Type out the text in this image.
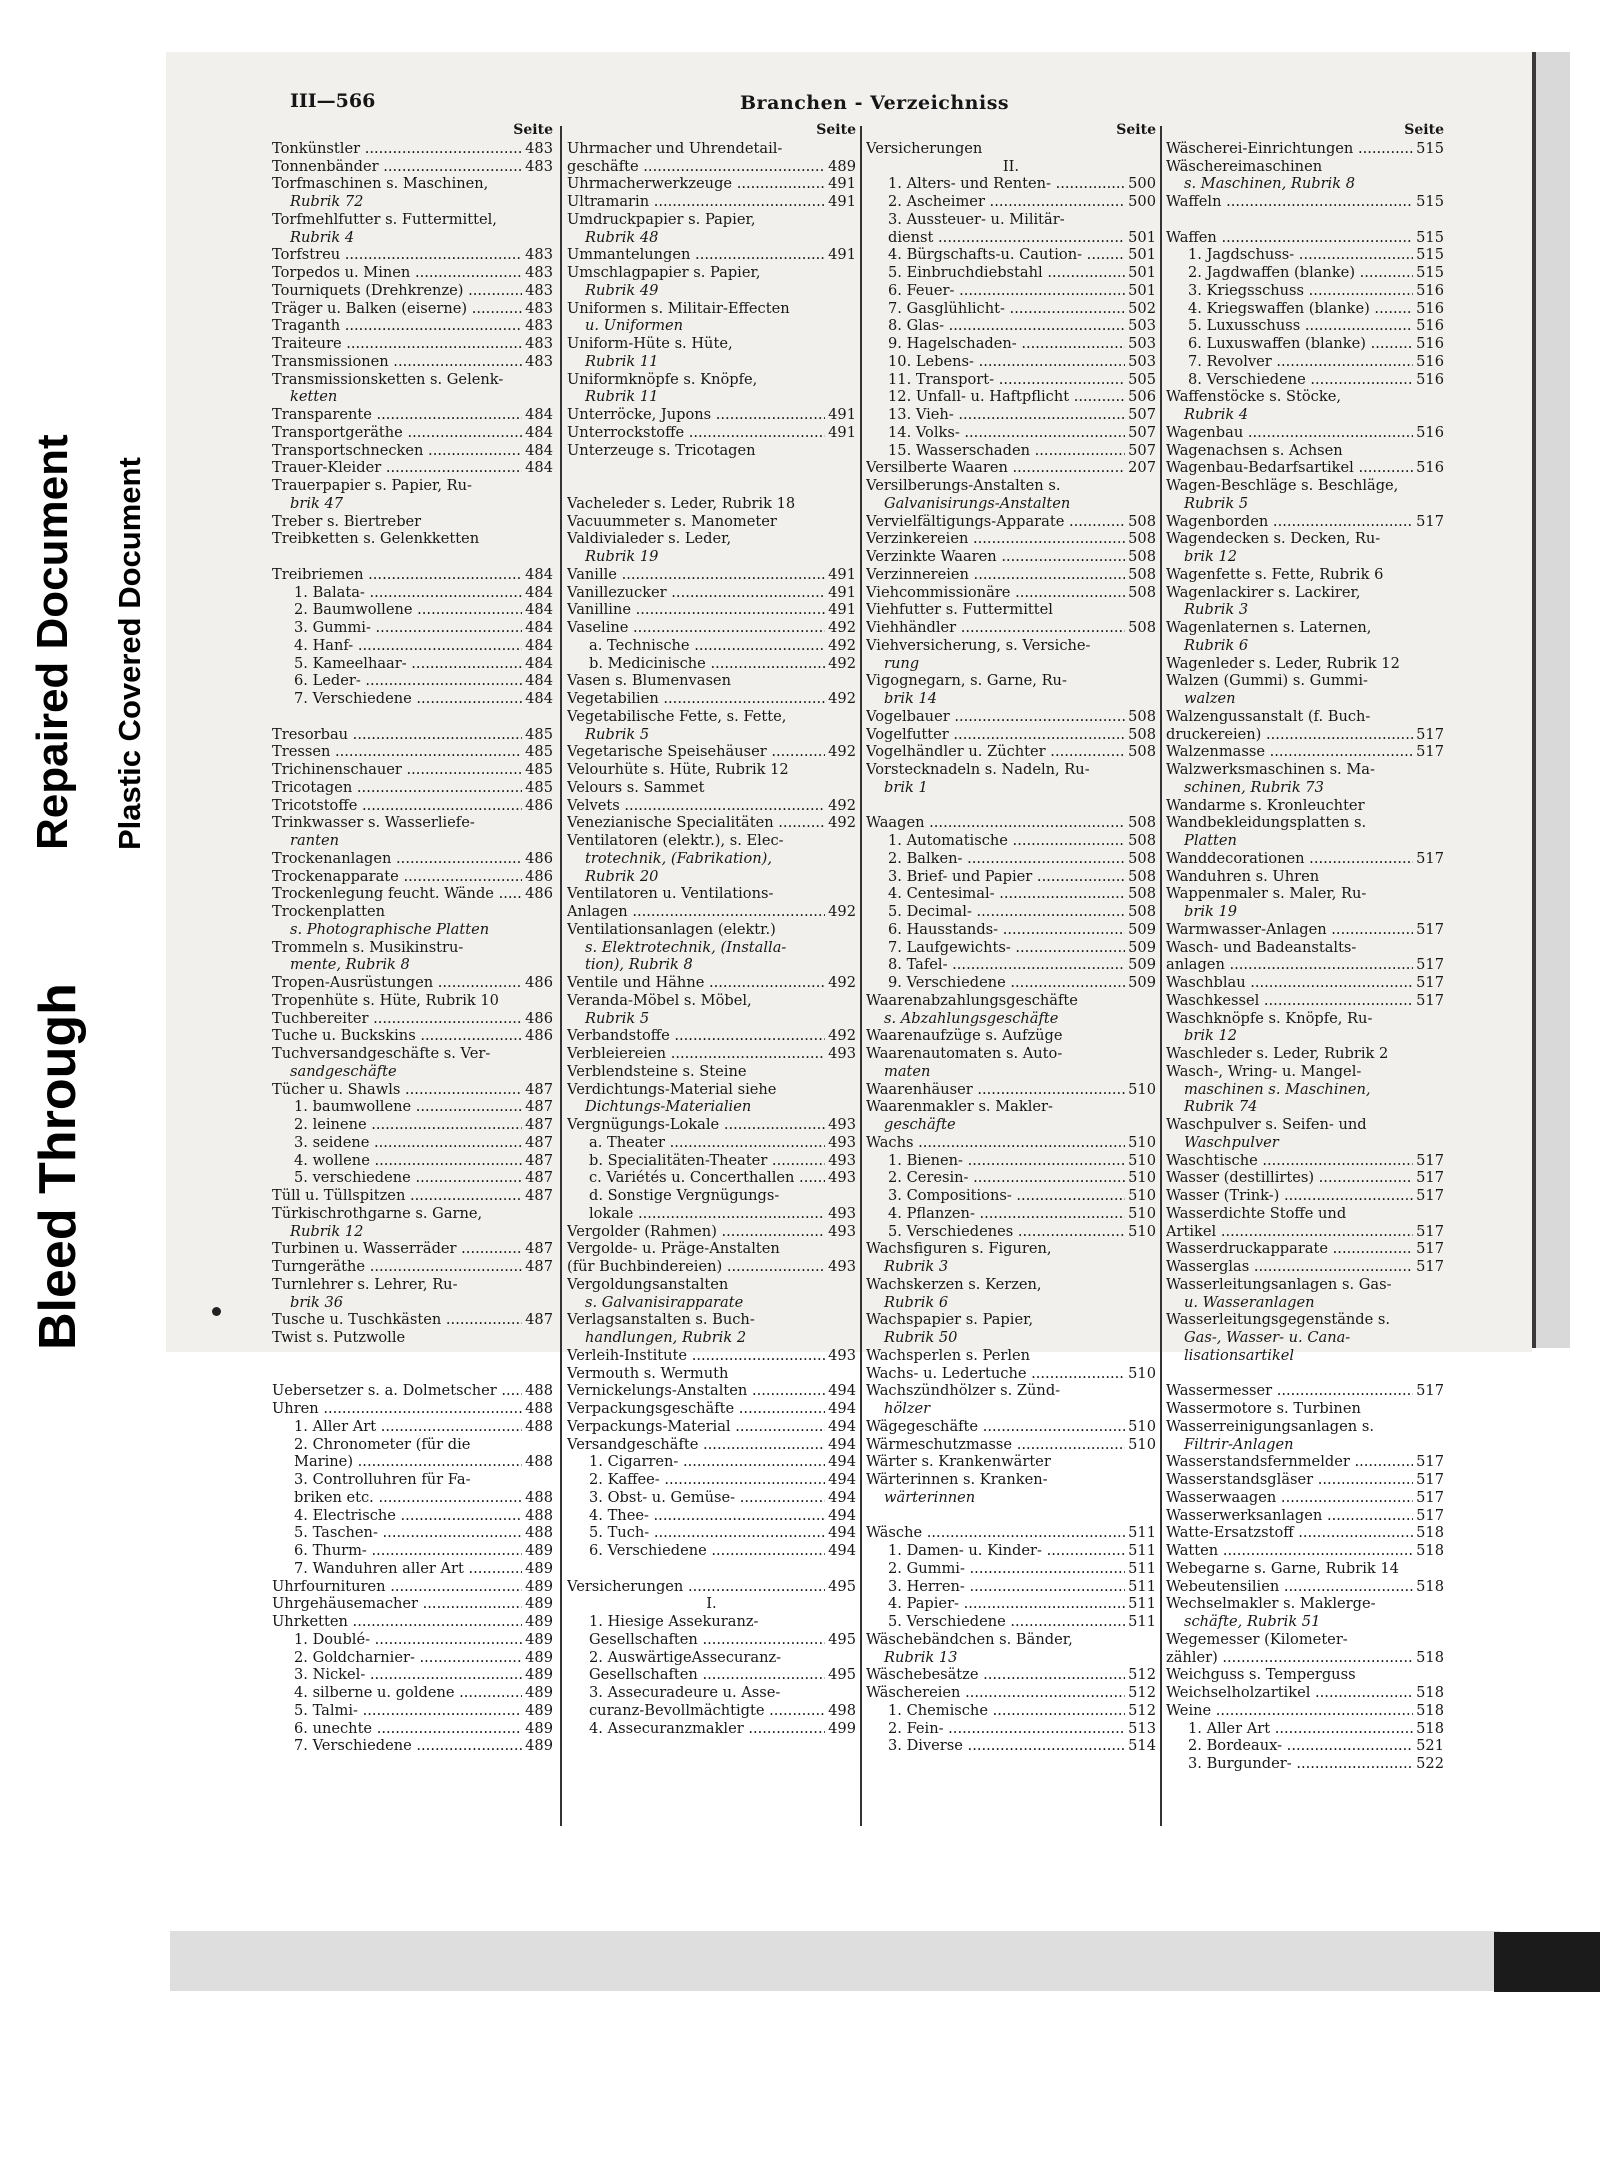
Bleed Through
Repaired Document Plastic Covered Document
III—566	Branchen - Verzeichniss
Seite
Tonkünstler .....	483
Tonnenbänder .....	483
Torfmaschinen s. Maschinen,
Rubrik 72
Torfmehlfutter s. Futtermittel,
Rubrik 4
Torfstreu .....	483
Torpedos u. Minen .....	483
Tourniquets (Drehkrenze) .....	483
Träger u. Balken (eiserne) .....	483
Traganth .....	483
Traiteure .....	483
Transmissionen .....	483
Transmissionsketten s. Gelenk-
ketten
Transparente .....	484
Transportgeräthe .....	484
Transportschnecken .....	484
Trauer-Kleider .....	484
Trauerpapier s. Papier, Ru-
brik 47
Treber s. Biertreber
Treibketten s. Gelenkketten
Treibriemen .....	484
1. Balata- .....	484
2. Baumwollene .....	484
3. Gummi- .....	484
4. Hanf- .....	484
5. Kameelhaar- .....	484
6. Leder- .....	484
7. Verschiedene .....	484
Tresorbau .....	485
Tressen .....	485
Trichinenschauer .....	485
Tricotagen .....	485
Tricotstoffe .....	486
Trinkwasser s. Wasserliefe-
ranten
Trockenanlagen .....	486
Trockenapparate .....	486
Trockenlegung feucht. Wände .....	486
Trockenplatten
s. Photographische Platten
Trommeln s. Musikinstru-
mente, Rubrik 8
Tropen-Ausrüstungen .....	486
Tropenhüte s. Hüte, Rubrik 10
Tuchbereiter .....	486
Tuche u. Buckskins .....	486
Tuchversandgeschäfte s. Ver-
sandgeschäfte
Tücher u. Shawls .....	487
1. baumwollene .....	487
2. leinene .....	487
3. seidene .....	487
4. wollene .....	487
5. verschiedene .....	487
Tüll u. Tüllspitzen .....	487
Türkischrothgarne s. Garne,
Rubrik 12
Turbinen u. Wasserräder .....	487
Turngeräthe .....	487
Turnlehrer s. Lehrer, Ru-
brik 36
Tusche u. Tuschkästen .....	487
Twist s. Putzwolle
Uebersetzer s. a. Dolmetscher .....	488
Uhren .....	488
1. Aller Art .....	488
2. Chronometer (für die
Marine) .....	488
3. Controlluhren für Fa-
briken etc. .....	488
4. Electrische .....	488
5. Taschen- .....	488
6. Thurm- .....	489
7. Wanduhren aller Art .....	489
Uhrfournituren .....	489
Uhrgehäusemacher .....	489
Uhrketten .....	489
1. Doublé- .....	489
2. Goldcharnier- .....	489
3. Nickel- .....	489
4. silberne u. goldene .....	489
5. Talmi- .....	489
6. unechte .....	489
7. Verschiedene .....	489
Seite
Uhrmacher und Uhrendetail-
geschäfte .....	489
Uhrmacherwerkzeuge .....	491
Ultramarin .....	491
Umdruckpapier s. Papier,
Rubrik 48
Ummantelungen .....	491
Umschlagpapier s. Papier,
Rubrik 49
Uniformen s. Militair-Effecten
u. Uniformen
Uniform-Hüte s. Hüte,
Rubrik 11
Uniformknöpfe s. Knöpfe,
Rubrik 11
Unterröcke, Jupons .....	491
Unterrockstoffe .....	491
Unterzeuge s. Tricotagen
Vacheleder s. Leder, Rubrik 18
Vacuummeter s. Manometer
Valdivialeder s. Leder,
Rubrik 19
Vanille .....	491
Vanillezucker .....	491
Vanilline .....	491
Vaseline .....	492
a. Technische .....	492
b. Medicinische .....	492
Vasen s. Blumenvasen
Vegetabilien .....	492
Vegetabilische Fette, s. Fette,
Rubrik 5
Vegetarische Speisehäuser .....	492
Velourhüte s. Hüte, Rubrik 12
Velours s. Sammet
Velvets .....	492
Venezianische Specialitäten .....	492
Ventilatoren (elektr.), s. Elec-
trotechnik, (Fabrikation),
Rubrik 20
Ventilatoren u. Ventilations-
Anlagen .....	492
Ventilationsanlagen (elektr.)
s. Elektrotechnik, (Installa-
tion), Rubrik 8
Ventile und Hähne .....	492
Veranda-Möbel s. Möbel,
Rubrik 5
Verbandstoffe .....	492
Verbleiereien .....	493
Verblendsteine s. Steine
Verdichtungs-Material siehe
Dichtungs-Materialien
Vergnügungs-Lokale .....	493
a. Theater .....	493
b. Specialitäten-Theater .....	493
c. Variétés u. Concerthallen .....	493
d. Sonstige Vergnügungs-
lokale .....	493
Vergolder (Rahmen) .....	493
Vergolde- u. Präge-Anstalten
(für Buchbindereien) .....	493
Vergoldungsanstalten
s. Galvanisirapparate
Verlagsanstalten s. Buch-
handlungen, Rubrik 2
Verleih-Institute .....	493
Vermouth s. Wermuth
Vernickelungs-Anstalten .....	494
Verpackungsgeschäfte .....	494
Verpackungs-Material .....	494
Versandgeschäfte .....	494
1. Cigarren- .....	494
2. Kaffee- .....	494
3. Obst- u. Gemüse- .....	494
4. Thee- .....	494
5. Tuch- .....	494
6. Verschiedene .....	494
Versicherungen .....	495
I.
1. Hiesige Assekuranz-
Gesellschaften .....	495
2. AuswärtigeAssecuranz-
Gesellschaften .....	495
3. Assecuradeure u. Asse-
curanz-Bevollmächtigte .....	498
4. Assecuranzmakler .....	499
Seite
Versicherungen
II.
1. Alters- und Renten- .....	500
2. Ascheimer .....	500
3. Aussteuer- u. Militär-
dienst .....	501
4. Bürgschafts-u. Caution- .....	501
5. Einbruchdiebstahl .....	501
6. Feuer- .....	501
7. Gasglühlicht- .....	502
8. Glas- .....	503
9. Hagelschaden- .....	503
10. Lebens- .....	503
11. Transport- .....	505
12. Unfall- u. Haftpflicht .....	506
13. Vieh- .....	507
14. Volks- .....	507
15. Wasserschaden .....	507
Versilberte Waaren .....	207
Versilberungs-Anstalten s.
Galvanisirungs-Anstalten
Vervielfältigungs-Apparate .....	508
Verzinkereien .....	508
Verzinkte Waaren .....	508
Verzinnereien .....	508
Viehcommissionäre .....	508
Viehfutter s. Futtermittel
Viehhändler .....	508
Viehversicherung, s. Versiche-
rung
Vigognegarn, s. Garne, Ru-
brik 14
Vogelbauer .....	508
Vogelfutter .....	508
Vogelhändler u. Züchter .....	508
Vorstecknadeln s. Nadeln, Ru-
brik 1
Waagen .....	508
1. Automatische .....	508
2. Balken- .....	508
3. Brief- und Papier .....	508
4. Centesimal- .....	508
5. Decimal- .....	508
6. Hausstands- .....	509
7. Laufgewichts- .....	509
8. Tafel- .....	509
9. Verschiedene .....	509
Waarenabzahlungsgeschäfte
s. Abzahlungsgeschäfte
Waarenaufzüge s. Aufzüge
Waarenautomaten s. Auto-
maten
Waarenhäuser .....	510
Waarenmakler s. Makler-
geschäfte
Wachs .....	510
1. Bienen- .....	510
2. Ceresin- .....	510
3. Compositions- .....	510
4. Pflanzen- .....	510
5. Verschiedenes .....	510
Wachsfiguren s. Figuren,
Rubrik 3
Wachskerzen s. Kerzen,
Rubrik 6
Wachspapier s. Papier,
Rubrik 50
Wachsperlen s. Perlen
Wachs- u. Ledertuche .....	510
Wachszündhölzer s. Zünd-
hölzer
Wägegeschäfte .....	510
Wärmeschutzmasse .....	510
Wärter s. Krankenwärter
Wärterinnen s. Kranken-
wärterinnen
Wäsche .....	511
1. Damen- u. Kinder- .....	511
2. Gummi- .....	511
3. Herren- .....	511
4. Papier- .....	511
5. Verschiedene .....	511
Wäschebändchen s. Bänder,
Rubrik 13
Wäschebesätze .....	512
Wäschereien .....	512
1. Chemische .....	512
2. Fein- .....	513
3. Diverse .....	514
Seite
Wäscherei-Einrichtungen .....	515
Wäschereimaschinen
s. Maschinen, Rubrik 8
Waffeln .....	515
Waffen .....	515
1. Jagdschuss- .....	515
2. Jagdwaffen (blanke) .....	515
3. Kriegsschuss .....	516
4. Kriegswaffen (blanke) .....	516
5. Luxusschuss .....	516
6. Luxuswaffen (blanke) .....	516
7. Revolver .....	516
8. Verschiedene .....	516
Waffenstöcke s. Stöcke,
Rubrik 4
Wagenbau .....	516
Wagenachsen s. Achsen
Wagenbau-Bedarfsartikel .....	516
Wagen-Beschläge s. Beschläge,
Rubrik 5
Wagenborden .....	517
Wagendecken s. Decken, Ru-
brik 12
Wagenfette s. Fette, Rubrik 6
Wagenlackirer s. Lackirer,
Rubrik 3
Wagenlaternen s. Laternen,
Rubrik 6
Wagenleder s. Leder, Rubrik 12
Walzen (Gummi) s. Gummi-
walzen
Walzengussanstalt (f. Buch-
druckereien) .....	517
Walzenmasse .....	517
Walzwerksmaschinen s. Ma-
schinen, Rubrik 73
Wandarme s. Kronleuchter
Wandbekleidungsplatten s.
Platten
Wanddecorationen .....	517
Wanduhren s. Uhren
Wappenmaler s. Maler, Ru-
brik 19
Warmwasser-Anlagen .....	517
Wasch- und Badeanstalts-
anlagen .....	517
Waschblau .....	517
Waschkessel .....	517
Waschknöpfe s. Knöpfe, Ru-
brik 12
Waschleder s. Leder, Rubrik 2
Wasch-, Wring- u. Mangel-
maschinen s. Maschinen,
Rubrik 74
Waschpulver s. Seifen- und
Waschpulver
Waschtische .....	517
Wasser (destillirtes) .....	517
Wasser (Trink-) .....	517
Wasserdichte Stoffe und
Artikel .....	517
Wasserdruckapparate .....	517
Wasserglas .....	517
Wasserleitungsanlagen s. Gas-
u. Wasseranlagen
Wasserleitungsgegenstände s.
Gas-, Wasser- u. Cana-
lisationsartikel
Wassermesser .....	517
Wassermotore s. Turbinen
Wasserreinigungsanlagen s.
Filtrir-Anlagen
Wasserstandsfernmelder .....	517
Wasserstandsgläser .....	517
Wasserwaagen .....	517
Wasserwerksanlagen .....	517
Watte-Ersatzstoff .....	518
Watten .....	518
Webegarne s. Garne, Rubrik 14
Webeutensilien .....	518
Wechselmakler s. Maklerge-
schäfte, Rubrik 51
Wegemesser (Kilometer-
zähler) .....	518
Weichguss s. Temperguss
Weichselholzartikel .....	518
Weine .....	518
1. Aller Art .....	518
2. Bordeaux- .....	521
3. Burgunder- .....	522
